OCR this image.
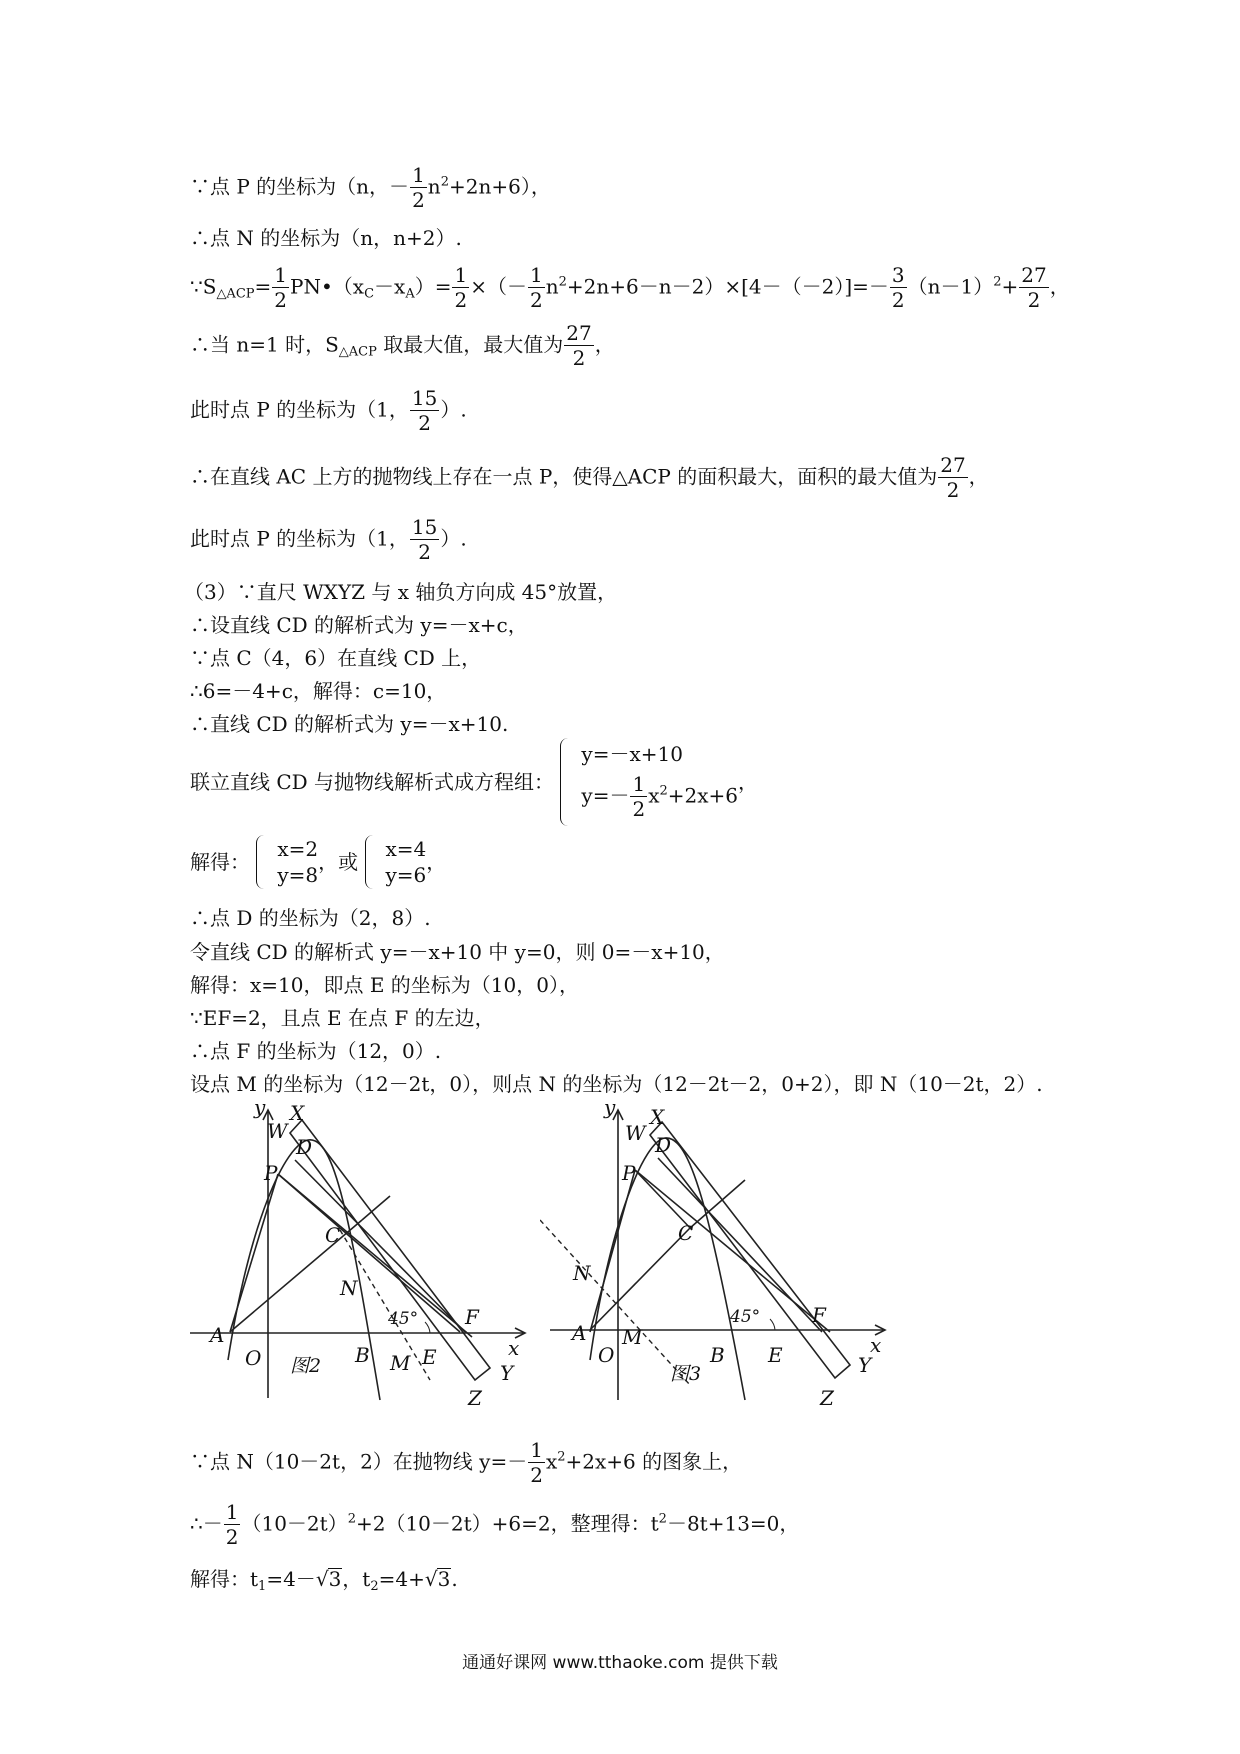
∵点 P 的坐标为（n，－ $\frac{1}{2} n^2+2n+6$），
∴点 N 的坐标为（n，n+2）.
$\because S_{\triangle ACP}= \frac{1}{2}$ $PN•(x_C-x_A)= \frac{1}{2}$ ×（－ $\frac{1}{2} n^2+2n+6-n-2)\times[4-(-2)]=- \frac{3}{2} (n-1)^2+ \frac{27}{2}$ ，
∴当 n=1 时，$S_{\triangle ACP}$ 取最大值，最大值为 $\frac{27}{2}$ ，
此时点 P 的坐标为（1， $\frac{15}{2}$ ）.
∴在直线 AC 上方的抛物线上存在一点 P，使得△ACP 的面积最大，面积的最大值为 $\frac{27}{2}$ ，
此时点 P 的坐标为（1， $\frac{15}{2}$ ）.
（3）∵直尺 WXYZ 与 x 轴负方向成 45°放置，
∴设直线 CD 的解析式为 y=－x+c，
∵点 C（4，6）在直线 CD 上，
∴6=－4+c，解得：c=10，
∴直线 CD 的解析式为 y=－x+10.
联立直线 CD 与抛物线解析式成方程组：
y=－x+10
$y=- \frac{1}{2} x^2+2x+6$
，
解得：
x=2
y=8
，或
x=4
y=6
，
∴点 D 的坐标为（2，8）.
令直线 CD 的解析式 y=－x+10 中 y=0，则 0=－x+10，
解得：x=10，即点 E 的坐标为（10，0），
∵EF=2，且点 E 在点 F 的左边，
∴点 F 的坐标为（12，0）.
设点 M 的坐标为（12－2t，0），则点 N 的坐标为（12－2t－2，0+2），即 N（10－2t，2）.
y
x
X
W
D
P
C
N
A
O	B M E
F
Y
Z
45°
图2
y
x
X
W D
P
C
N
A
O
M
B E
F
Y
Z
45°
图3
∵点 N（10－2t，2）在抛物线 $y=- \frac{1}{2} x^2+2x+6$ 的图象上，
∴－ $\frac{1}{2} (10-2t)^2+2(10-2t)+6=2$，整理得：$t^2-8t+13=0$，
解得：$t_1=4-√3$，$t_2=4+√3$.
通通好课网 www.tthaoke.com 提供下载
